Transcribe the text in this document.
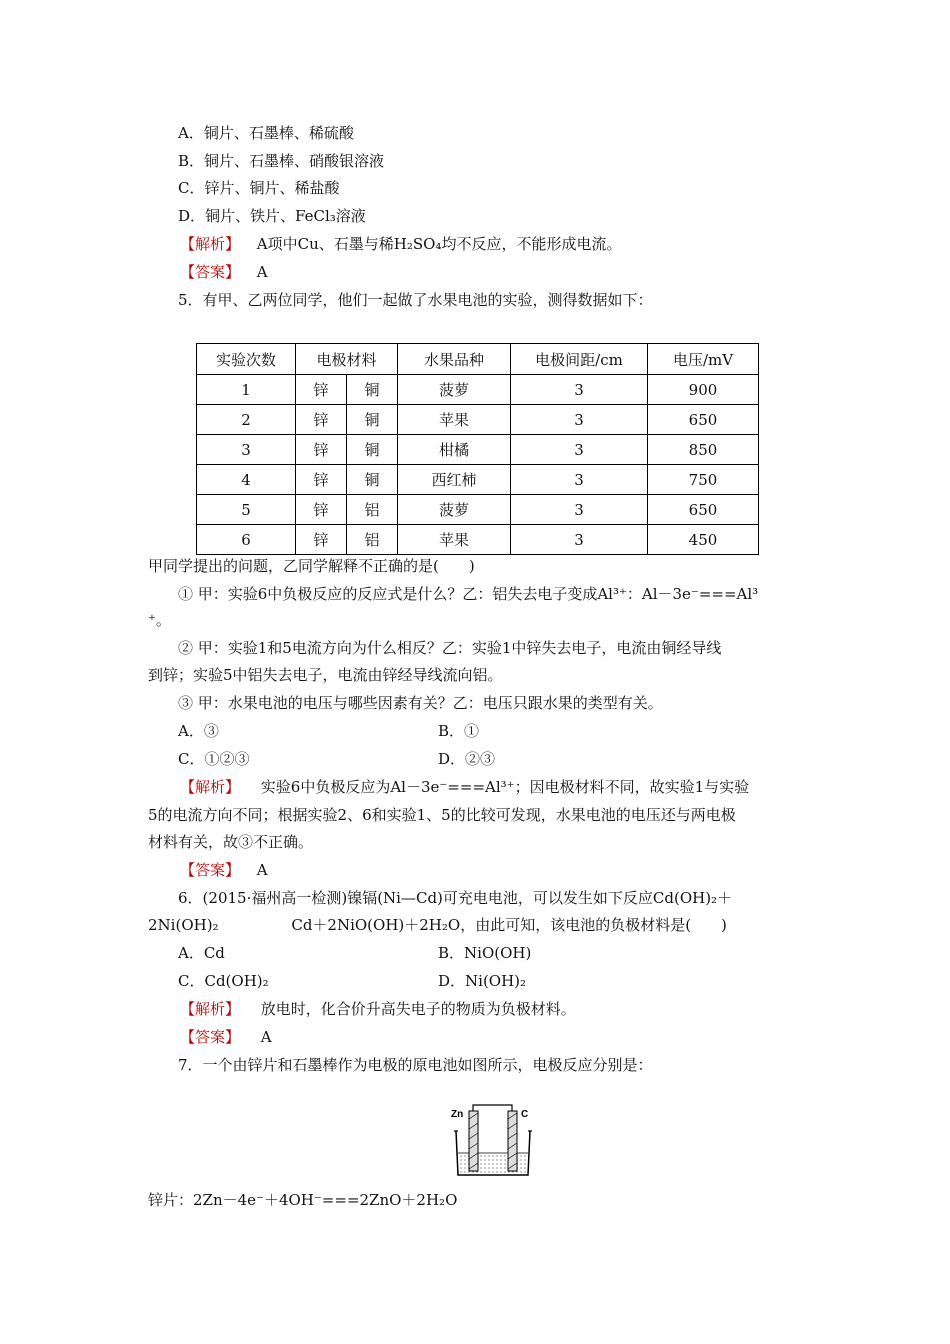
A．铜片、石墨棒、稀硫酸
B．铜片、石墨棒、硝酸银溶液
C．锌片、铜片、稀盐酸
D．铜片、铁片、FeCl₃溶液
【解析】 A项中Cu、石墨与稀H₂SO₄均不反应，不能形成电流。
【答案】 A
5．有甲、乙两位同学，他们一起做了水果电池的实验，测得数据如下：
实验次数	电极材料		水果品种	电极间距/cm	电压/mV
1	锌	铜	菠萝	3	900
2	锌	铜	苹果	3	650
3	锌	铜	柑橘	3	850
4	锌	铜	西红柿	3	750
5	锌	铝	菠萝	3	650
6	锌	铝	苹果	3	450
甲同学提出的问题，乙同学解释不正确的是(　　)
① 甲：实验6中负极反应的反应式是什么？乙：铝失去电子变成Al³⁺：Al－3e⁻===Al³
⁺。
② 甲：实验1和5电流方向为什么相反？乙：实验1中锌失去电子，电流由铜经导线
到锌；实验5中铝失去电子，电流由锌经导线流向铝。
③ 甲：水果电池的电压与哪些因素有关？乙：电压只跟水果的类型有关。
A．③	B．①
C．①②③	D．②③
【解析】 实验6中负极反应为Al－3e⁻===Al³⁺；因电极材料不同，故实验1与实验
5的电流方向不同；根据实验2、6和实验1、5的比较可发现，水果电池的电压还与两电极
材料有关，故③不正确。
【答案】 A
6．(2015·福州高一检测)镍镉(Ni—Cd)可充电电池，可以发生如下反应Cd(OH)₂＋
2Ni(OH)₂	Cd＋2NiO(OH)＋2H₂O，由此可知，该电池的负极材料是(　　)
A．Cd	B．NiO(OH)
C．Cd(OH)₂	D．Ni(OH)₂
【解析】 放电时，化合价升高失电子的物质为负极材料。
【答案】 A
7．一个由锌片和石墨棒作为电极的原电池如图所示，电极反应分别是：
Zn	C
锌片：2Zn－4e⁻＋4OH⁻===2ZnO＋2H₂O
